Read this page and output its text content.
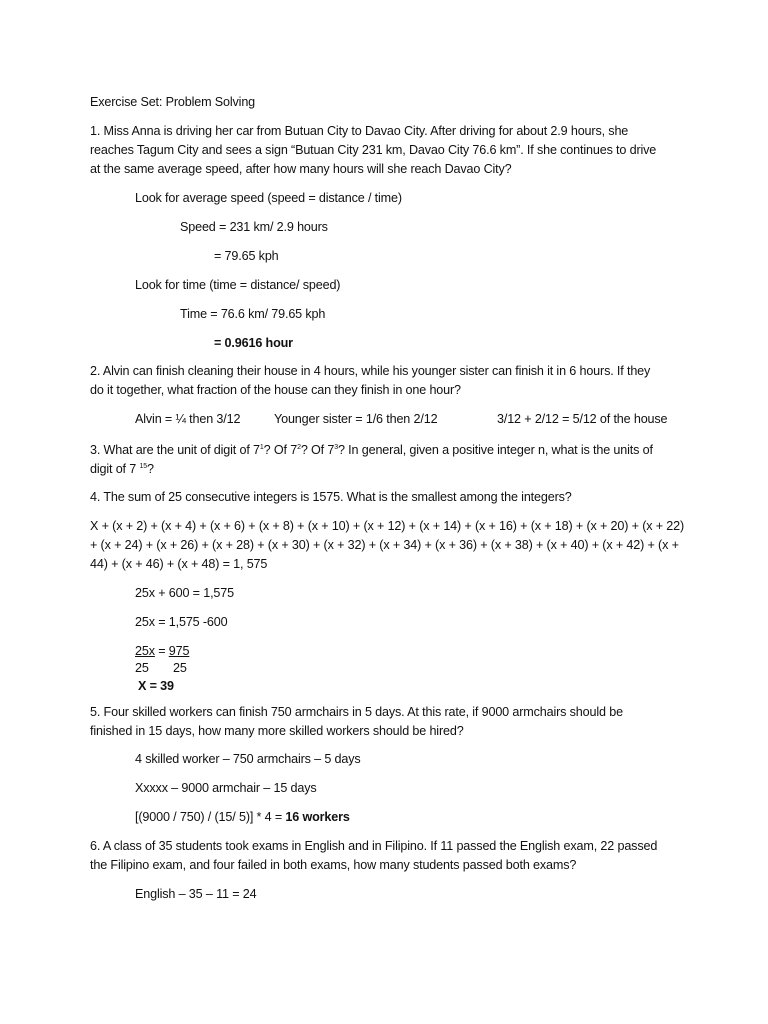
Exercise Set: Problem Solving
1. Miss Anna is driving her car from Butuan City to Davao City. After driving for about 2.9 hours, she
reaches Tagum City and sees a sign “Butuan City 231 km, Davao City 76.6 km”. If she continues to drive
at the same average speed, after how many hours will she reach Davao City?
Look for average speed (speed = distance / time)
Speed = 231 km/ 2.9 hours
= 79.65 kph
Look for time (time = distance/ speed)
Time = 76.6 km/ 79.65 kph
= 0.9616 hour
2. Alvin can finish cleaning their house in 4 hours, while his younger sister can finish it in 6 hours. If they
do it together, what fraction of the house can they finish in one hour?
Alvin = ¼ then 3/12	Younger sister = 1/6 then 2/12	3/12 + 2/12 = 5/12 of the house
3. What are the unit of digit of $7^1$? Of $7^2$? Of $7^3$? In general, given a positive integer n, what is the units of
digit of 7 $^{15}$?
4. The sum of 25 consecutive integers is 1575. What is the smallest among the integers?
X + (x + 2) + (x + 4) + (x + 6) + (x + 8) + (x + 10) + (x + 12) + (x + 14) + (x + 16) + (x + 18) + (x + 20) + (x + 22)
+ (x + 24) + (x + 26) + (x + 28) + (x + 30) + (x + 32) + (x + 34) + (x + 36) + (x + 38) + (x + 40) + (x + 42) + (x +
44) + (x + 46) + (x + 48) = 1, 575
25x + 600 = 1,575
25x = 1,575 -600
25x = 975
25 25
X = 39
5. Four skilled workers can finish 750 armchairs in 5 days. At this rate, if 9000 armchairs should be
finished in 15 days, how many more skilled workers should be hired?
4 skilled worker – 750 armchairs – 5 days
Xxxxx – 9000 armchair – 15 days
[(9000 / 750) / (15/ 5)] * 4 = 16 workers
6. A class of 35 students took exams in English and in Filipino. If 11 passed the English exam, 22 passed
the Filipino exam, and four failed in both exams, how many students passed both exams?
English – 35 – 11 = 24
